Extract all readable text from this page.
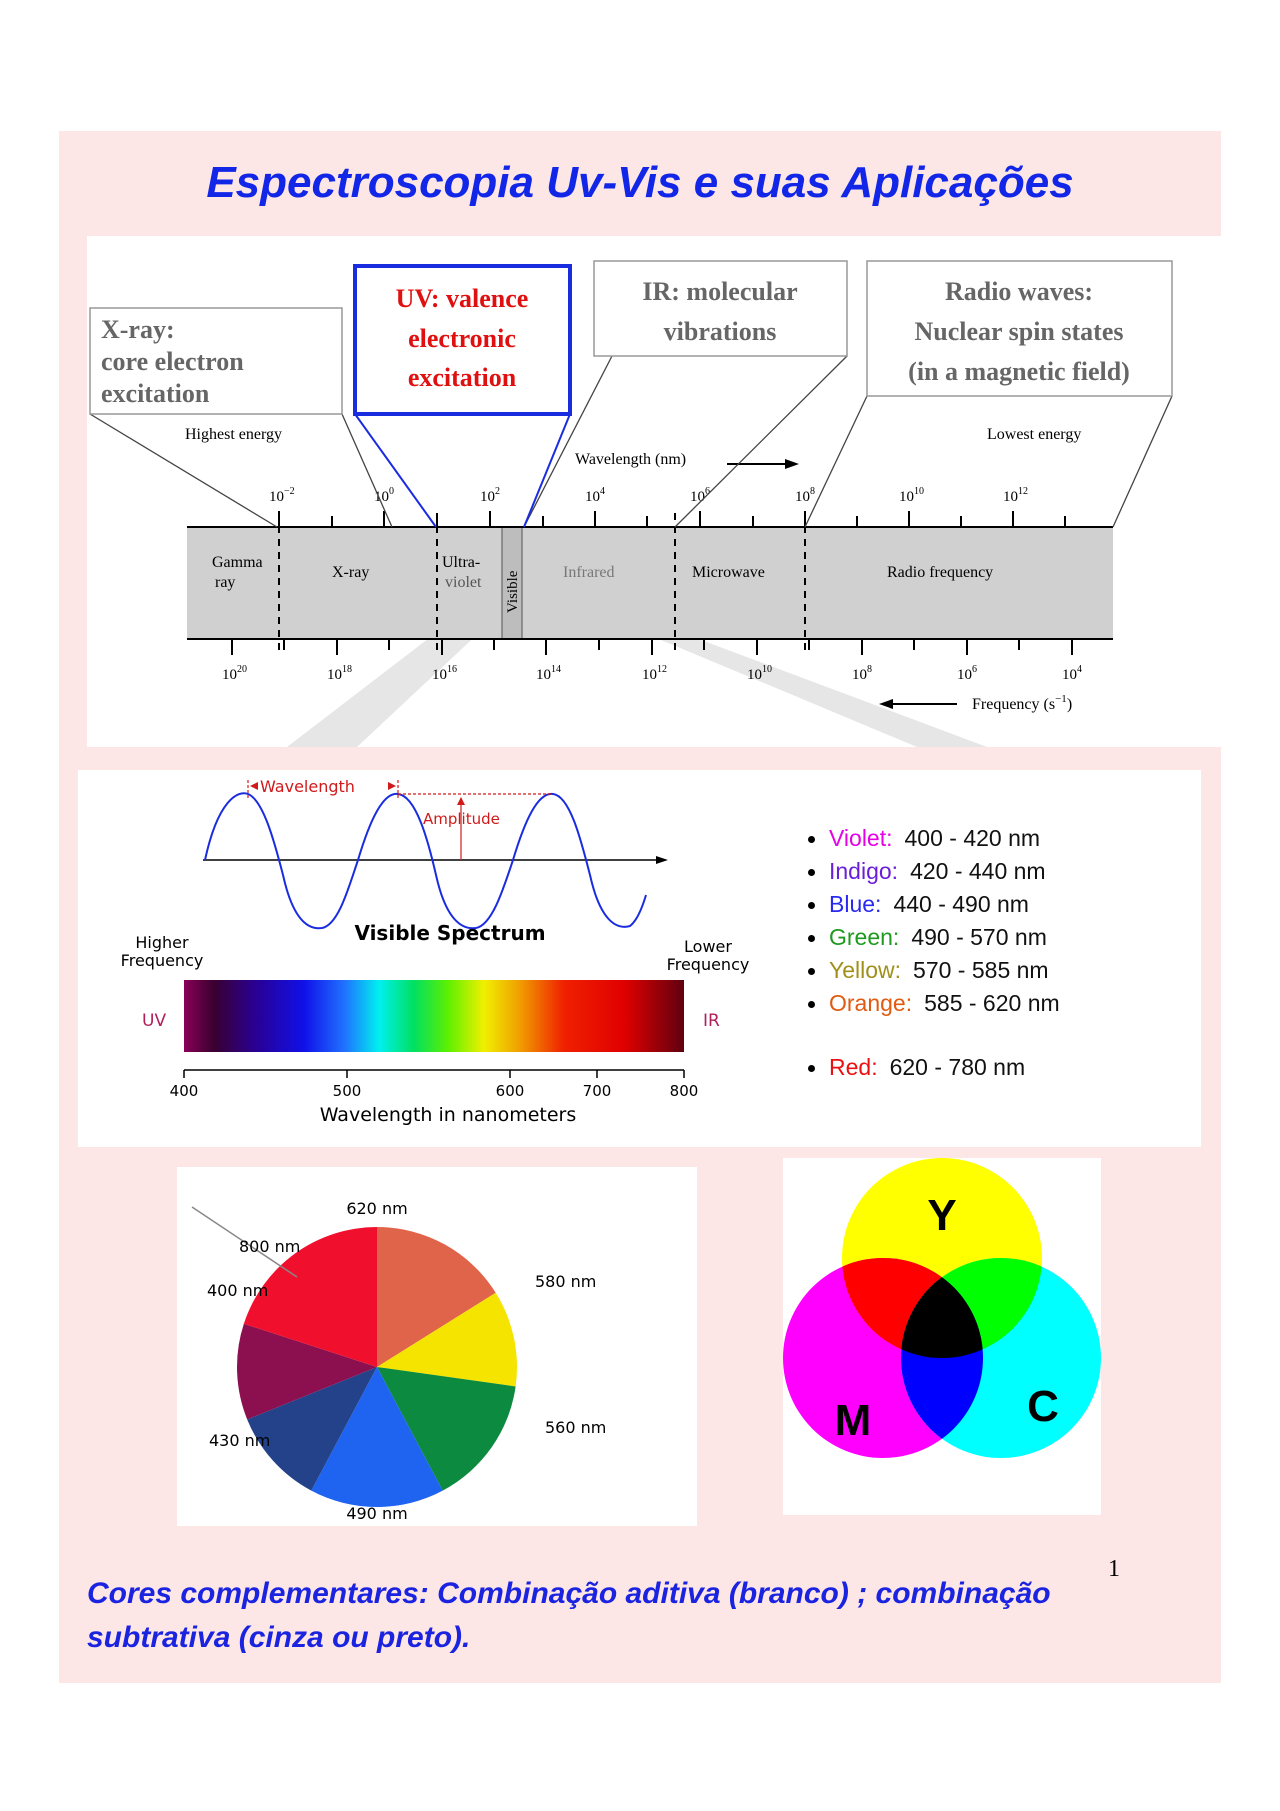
Espectroscopia Uv-Vis e suas Aplicações
$10^{-2}$	$10^0$	$10^2$	$10^4$	$10^6$	$10^8$	$10^{10}$	$10^{12}$
$10^{20}$	$10^{18}$	$10^{16}$	$10^{14}$	$10^{12}$	$10^{10}$	$10^8$	$10^6$	$10^4$
Gamma
ray
X-ray
Ultra-
violet Visible	Infrared	Microwave	Radio frequency
Highest energy	Lowest energy
Wavelength (nm)
Frequency $(s^{-1})$
X-ray:
core electron
excitation
UV: valence
electronic
excitation
IR: molecular
vibrations
Radio waves:
Nuclear spin states
(in a magnetic field)
Wavelength
Amplitude
Visible Spectrum
Higher
Frequency
Lower
Frequency
UV	IR
400	500	600	700	800
Wavelength in nanometers
Violet: 400 - 420 nm
Indigo: 420 - 440 nm
Blue: 440 - 490 nm
Green: 490 - 570 nm
Yellow: 570 - 585 nm
Orange: 585 - 620 nm
Red: 620 - 780 nm
620 nm
800 nm
400 nm	580 nm
560 nm
430 nm
490 nm
Y
M	C
1
Cores complementares: Combinação aditiva (branco) ; combinação subtrativa (cinza ou preto).
